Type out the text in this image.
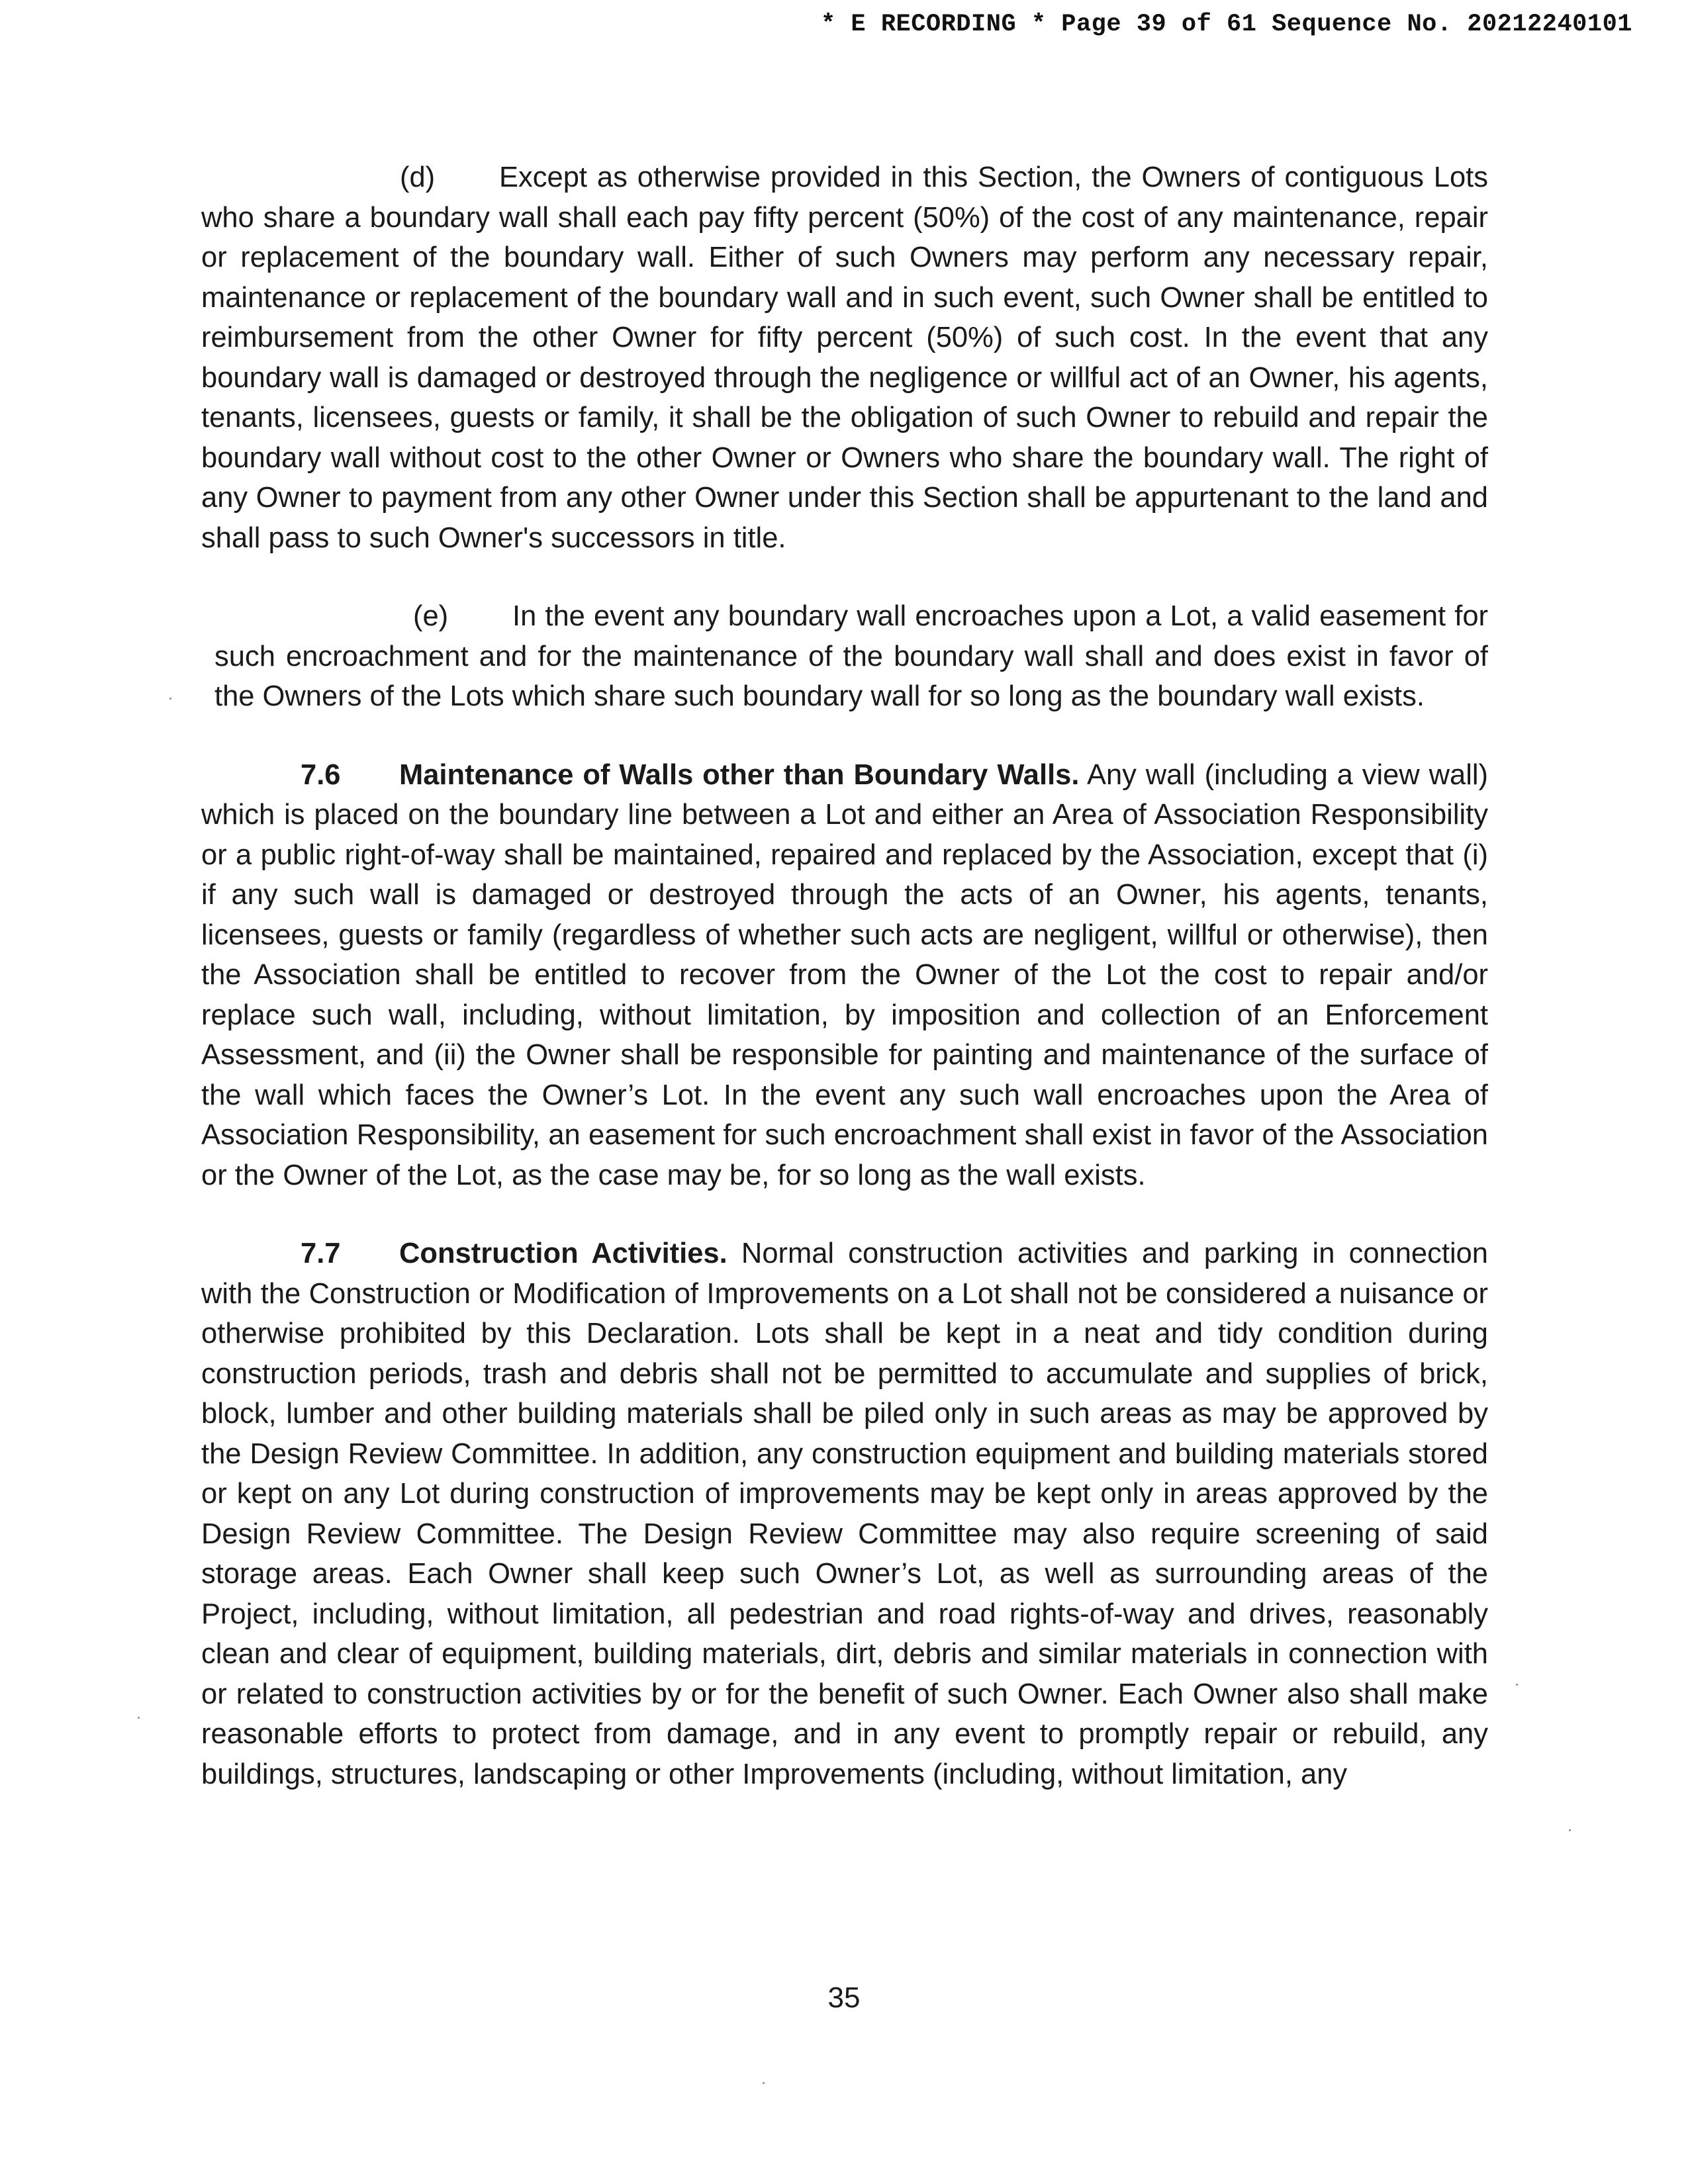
* E RECORDING * Page 39 of 61 Sequence No. 20212240101

(d) Except as otherwise provided in this Section, the Owners of contiguous Lots who share a boundary wall shall each pay fifty percent (50%) of the cost of any maintenance, repair or replacement of the boundary wall. Either of such Owners may perform any necessary repair, maintenance or replacement of the boundary wall and in such event, such Owner shall be entitled to reimbursement from the other Owner for fifty percent (50%) of such cost. In the event that any boundary wall is damaged or destroyed through the negligence or willful act of an Owner, his agents, tenants, licensees, guests or family, it shall be the obligation of such Owner to rebuild and repair the boundary wall without cost to the other Owner or Owners who share the boundary wall. The right of any Owner to payment from any other Owner under this Section shall be appurtenant to the land and shall pass to such Owner's successors in title.

(e) In the event any boundary wall encroaches upon a Lot, a valid easement for such encroachment and for the maintenance of the boundary wall shall and does exist in favor of the Owners of the Lots which share such boundary wall for so long as the boundary wall exists.

7.6 Maintenance of Walls other than Boundary Walls. Any wall (including a view wall) which is placed on the boundary line between a Lot and either an Area of Association Responsibility or a public right-of-way shall be maintained, repaired and replaced by the Association, except that (i) if any such wall is damaged or destroyed through the acts of an Owner, his agents, tenants, licensees, guests or family (regardless of whether such acts are negligent, willful or otherwise), then the Association shall be entitled to recover from the Owner of the Lot the cost to repair and/or replace such wall, including, without limitation, by imposition and collection of an Enforcement Assessment, and (ii) the Owner shall be responsible for painting and maintenance of the surface of the wall which faces the Owner’s Lot. In the event any such wall encroaches upon the Area of Association Responsibility, an easement for such encroachment shall exist in favor of the Association or the Owner of the Lot, as the case may be, for so long as the wall exists.

7.7 Construction Activities. Normal construction activities and parking in connection with the Construction or Modification of Improvements on a Lot shall not be considered a nuisance or otherwise prohibited by this Declaration. Lots shall be kept in a neat and tidy condition during construction periods, trash and debris shall not be permitted to accumulate and supplies of brick, block, lumber and other building materials shall be piled only in such areas as may be approved by the Design Review Committee. In addition, any construction equipment and building materials stored or kept on any Lot during construction of improvements may be kept only in areas approved by the Design Review Committee. The Design Review Committee may also require screening of said storage areas. Each Owner shall keep such Owner’s Lot, as well as surrounding areas of the Project, including, without limitation, all pedestrian and road rights-of-way and drives, reasonably clean and clear of equipment, building materials, dirt, debris and similar materials in connection with or related to construction activities by or for the benefit of such Owner. Each Owner also shall make reasonable efforts to protect from damage, and in any event to promptly repair or rebuild, any buildings, structures, landscaping or other Improvements (including, without limitation, any

35
